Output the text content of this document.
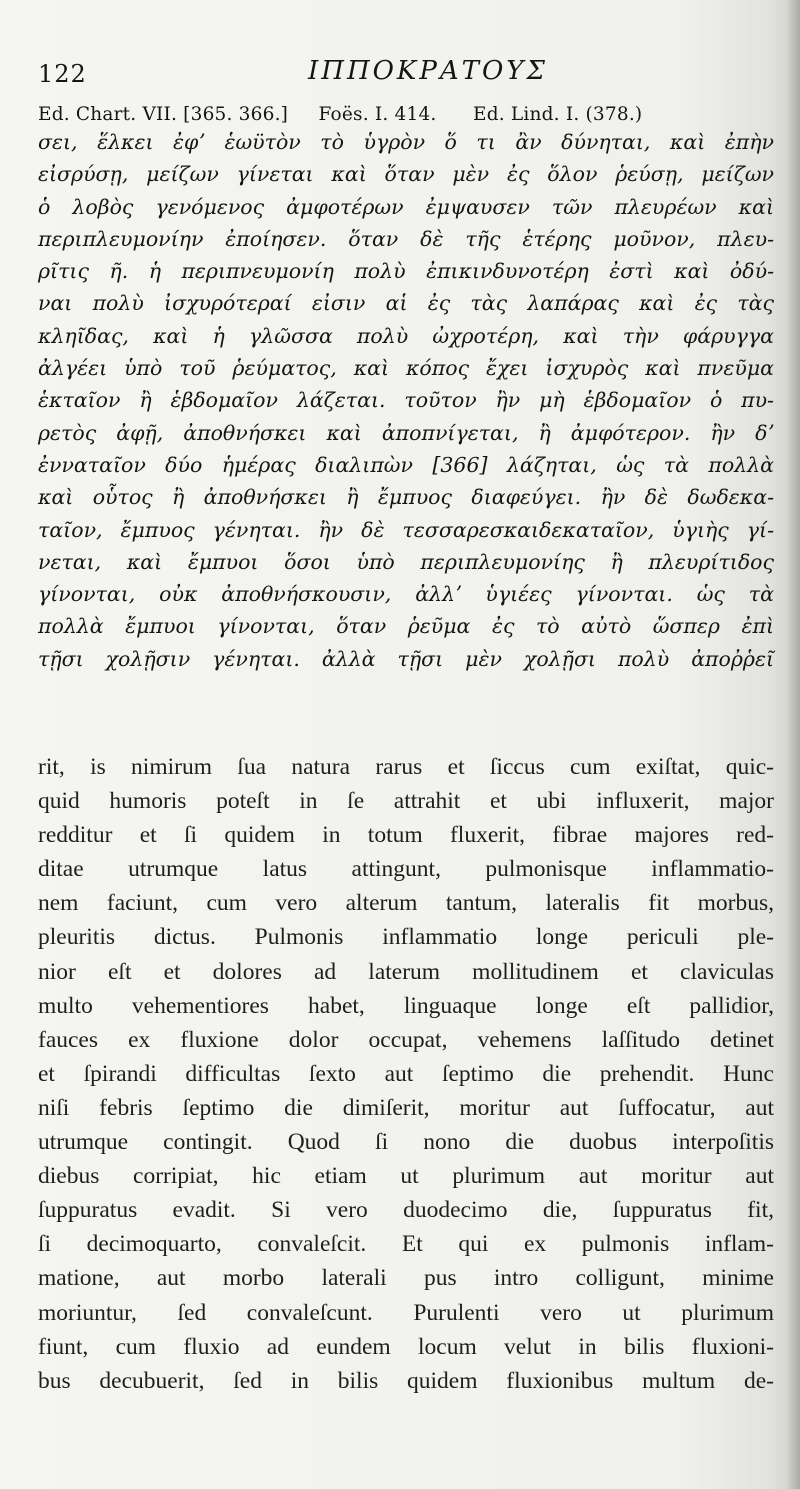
122	ΙΠΠΟΚΡΑΤΟΥΣ
Ed. Chart. VII. [365. 366.]     Foës. I. 414.      Ed. Lind. I. (378.)
σει, ἕλκει ἐφʼ ἑωϋτὸν τὸ ὑγρὸν ὅ τι ἂν δύνηται, καὶ ἐπὴν
εἰσρύσῃ, μείζων γίνεται καὶ ὅταν μὲν ἐς ὅλον ῥεύσῃ, μείζων
ὁ λοβὸς γενόμενος ἀμφοτέρων ἐμψαυσεν τῶν πλευρέων καὶ
περιπλευμονίην ἐποίησεν. ὅταν δὲ τῆς ἑτέρης μοῦνον, πλευ-
ρῖτις ῆ. ἡ περιπνευμονίη πολὺ ἐπικινδυνοτέρη ἐστὶ καὶ ὀδύ-
ναι πολὺ ἰσχυρότεραί εἰσιν αἱ ἐς τὰς λαπάρας καὶ ἐς τὰς
κληῖδας, καὶ ἡ γλῶσσα πολὺ ὠχροτέρη, καὶ τὴν φάρυγγα
ἀλγέει ὑπὸ τοῦ ῥεύματος, καὶ κόπος ἔχει ἰσχυρὸς καὶ πνεῦμα
ἑκταῖον ἢ ἑβδομαῖον λάζεται. τοῦτον ἢν μὴ ἑβδομαῖον ὁ πυ-
ρετὸς ἀφῇ, ἀποθνήσκει καὶ ἀποπνίγεται, ἢ ἀμφότερον. ἢν δʼ
ἐνναταῖον δύο ἡμέρας διαλιπὼν [366] λάζηται, ὡς τὰ πολλὰ
καὶ οὗτος ἢ ἀποθνήσκει ἢ ἔμπυος διαφεύγει. ἢν δὲ δωδεκα-
ταῖον, ἔμπυος γένηται. ἢν δὲ τεσσαρεσκαιδεκαταῖον, ὑγιὴς γί-
νεται, καὶ ἔμπυοι ὅσοι ὑπὸ περιπλευμονίης ἢ πλευρίτιδος
γίνονται, οὐκ ἀποθνήσκουσιν, ἀλλʼ ὑγιέες γίνονται. ὡς τὰ
πολλὰ ἔμπυοι γίνονται, ὅταν ῥεῦμα ἐς τὸ αὐτὸ ὥσπερ ἐπὶ
τῇσι χολῇσιν γένηται. ἀλλὰ τῇσι μὲν χολῇσι πολὺ ἀποῤῥεῖ
rit, is nimirum ſua natura rarus et ſiccus cum exiſtat, quic-
quid humoris poteſt in ſe attrahit et ubi influxerit, major
redditur et ſi quidem in totum fluxerit, fibrae majores red-
ditae utrumque latus attingunt, pulmonisque inflammatio-
nem faciunt, cum vero alterum tantum, lateralis fit morbus,
pleuritis dictus. Pulmonis inflammatio longe periculi ple-
nior eſt et dolores ad laterum mollitudinem et claviculas
multo vehementiores habet, linguaque longe eſt pallidior,
fauces ex fluxione dolor occupat, vehemens laſſitudo detinet
et ſpirandi difficultas ſexto aut ſeptimo die prehendit. Hunc
niſi febris ſeptimo die dimiſerit, moritur aut ſuffocatur, aut
utrumque contingit. Quod ſi nono die duobus interpoſitis
diebus corripiat, hic etiam ut plurimum aut moritur aut
ſuppuratus evadit. Si vero duodecimo die, ſuppuratus fit,
ſi decimoquarto, convaleſcit. Et qui ex pulmonis inflam-
matione, aut morbo laterali pus intro colligunt, minime
moriuntur, ſed convaleſcunt. Purulenti vero ut plurimum
fiunt, cum fluxio ad eundem locum velut in bilis fluxioni-
bus decubuerit, ſed in bilis quidem fluxionibus multum de-
